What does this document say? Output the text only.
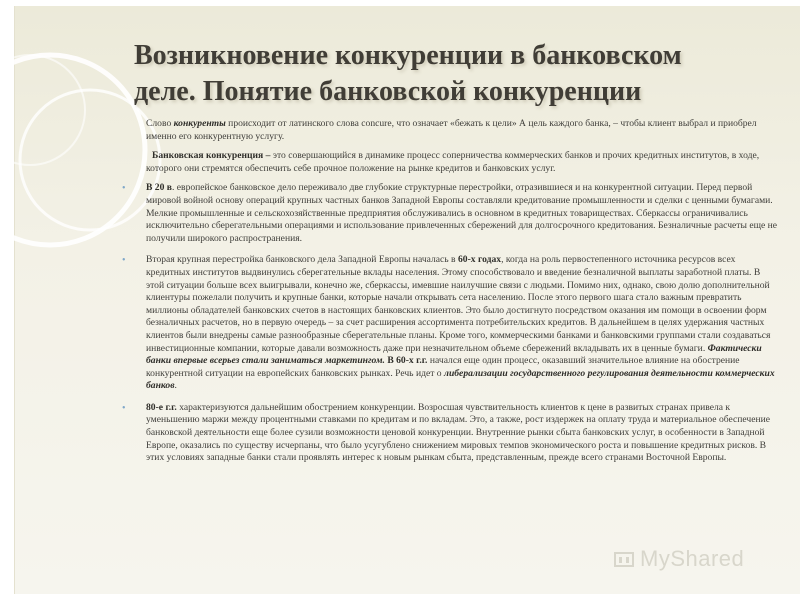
Возникновение конкуренции в банковском
деле. Понятие банковской конкуренции

Слово конкуренты происходит от латинского слова concure, что означает «бежать к цели» А цель каждого банка, – чтобы клиент выбрал и приобрел именно его конкурентную услугу.

Банковская конкуренция – это совершающийся в динамике процесс соперничества коммерческих банков и прочих кредитных институтов, в ходе, которого они стремятся обеспечить себе прочное положение на рынке кредитов и банковских услуг.

• В 20 в. европейское банковское дело переживало две глубокие структурные перестройки, отразившиеся и на конкурентной ситуации. Перед первой мировой войной основу операций крупных частных банков Западной Европы составляли кредитование промышленности и сделки с ценными бумагами. Мелкие промышленные и сельскохозяйственные предприятия обслуживались в основном в кредитных товариществах. Сберкассы ограничивались исключительно сберегательными операциями и использование привлеченных сбережений для долгосрочного кредитования. Безналичные расчеты еще не получили широкого распространения.
• Вторая крупная перестройка банковского дела Западной Европы началась в 60-х годах, когда на роль первостепенного источника ресурсов всех кредитных институтов выдвинулись сберегательные вклады населения. Этому способствовало и введение безналичной выплаты заработной платы. В этой ситуации больше всех выигрывали, конечно же, сберкассы, имевшие наилучшие связи с людьми. Помимо них, однако, свою долю дополнительной клиентуры пожелали получить и крупные банки, которые начали открывать сета населению. После этого первого шага стало важным превратить миллионы обладателей банковских счетов в настоящих банковских клиентов. Это было достигнуто посредством оказания им помощи в освоении форм безналичных расчетов, но в первую очередь – за счет расширения ассортимента потребительских кредитов. В дальнейшем в целях удержания частных клиентов были внедрены самые разнообразные сберегательные планы. Кроме того, коммерческими банками и банковскими группами стали создаваться инвестиционные компании, которые давали возможность даже при незначительном объеме сбережений вкладывать их в ценные бумаги. Фактически банки впервые всерьез стали заниматься маркетингом. В 60-х г.г. начался еще один процесс, оказавший значительное влияние на обострение конкурентной ситуации на европейских банковских рынках. Речь идет о либерализации государственного регулирования деятельности коммерческих банков.
• 80-е г.г. характеризуются дальнейшим обострением конкуренции. Возросшая чувствительность клиентов к цене в развитых странах привела к уменьшению маржи между процентными ставками по кредитам и по вкладам. Это, а также, рост издержек на оплату труда и материальное обеспечение банковской деятельности еще более сузили возможности ценовой конкуренции. Внутренние рынки сбыта банковских услуг, в особенности в Западной Европе, оказались по существу исчерпаны, что было усугублено снижением мировых темпов экономического роста и повышение кредитных рисков. В этих условиях западные банки стали проявлять интерес к новым рынкам сбыта, представленным, прежде всего странами Восточной Европы.
MyShared
